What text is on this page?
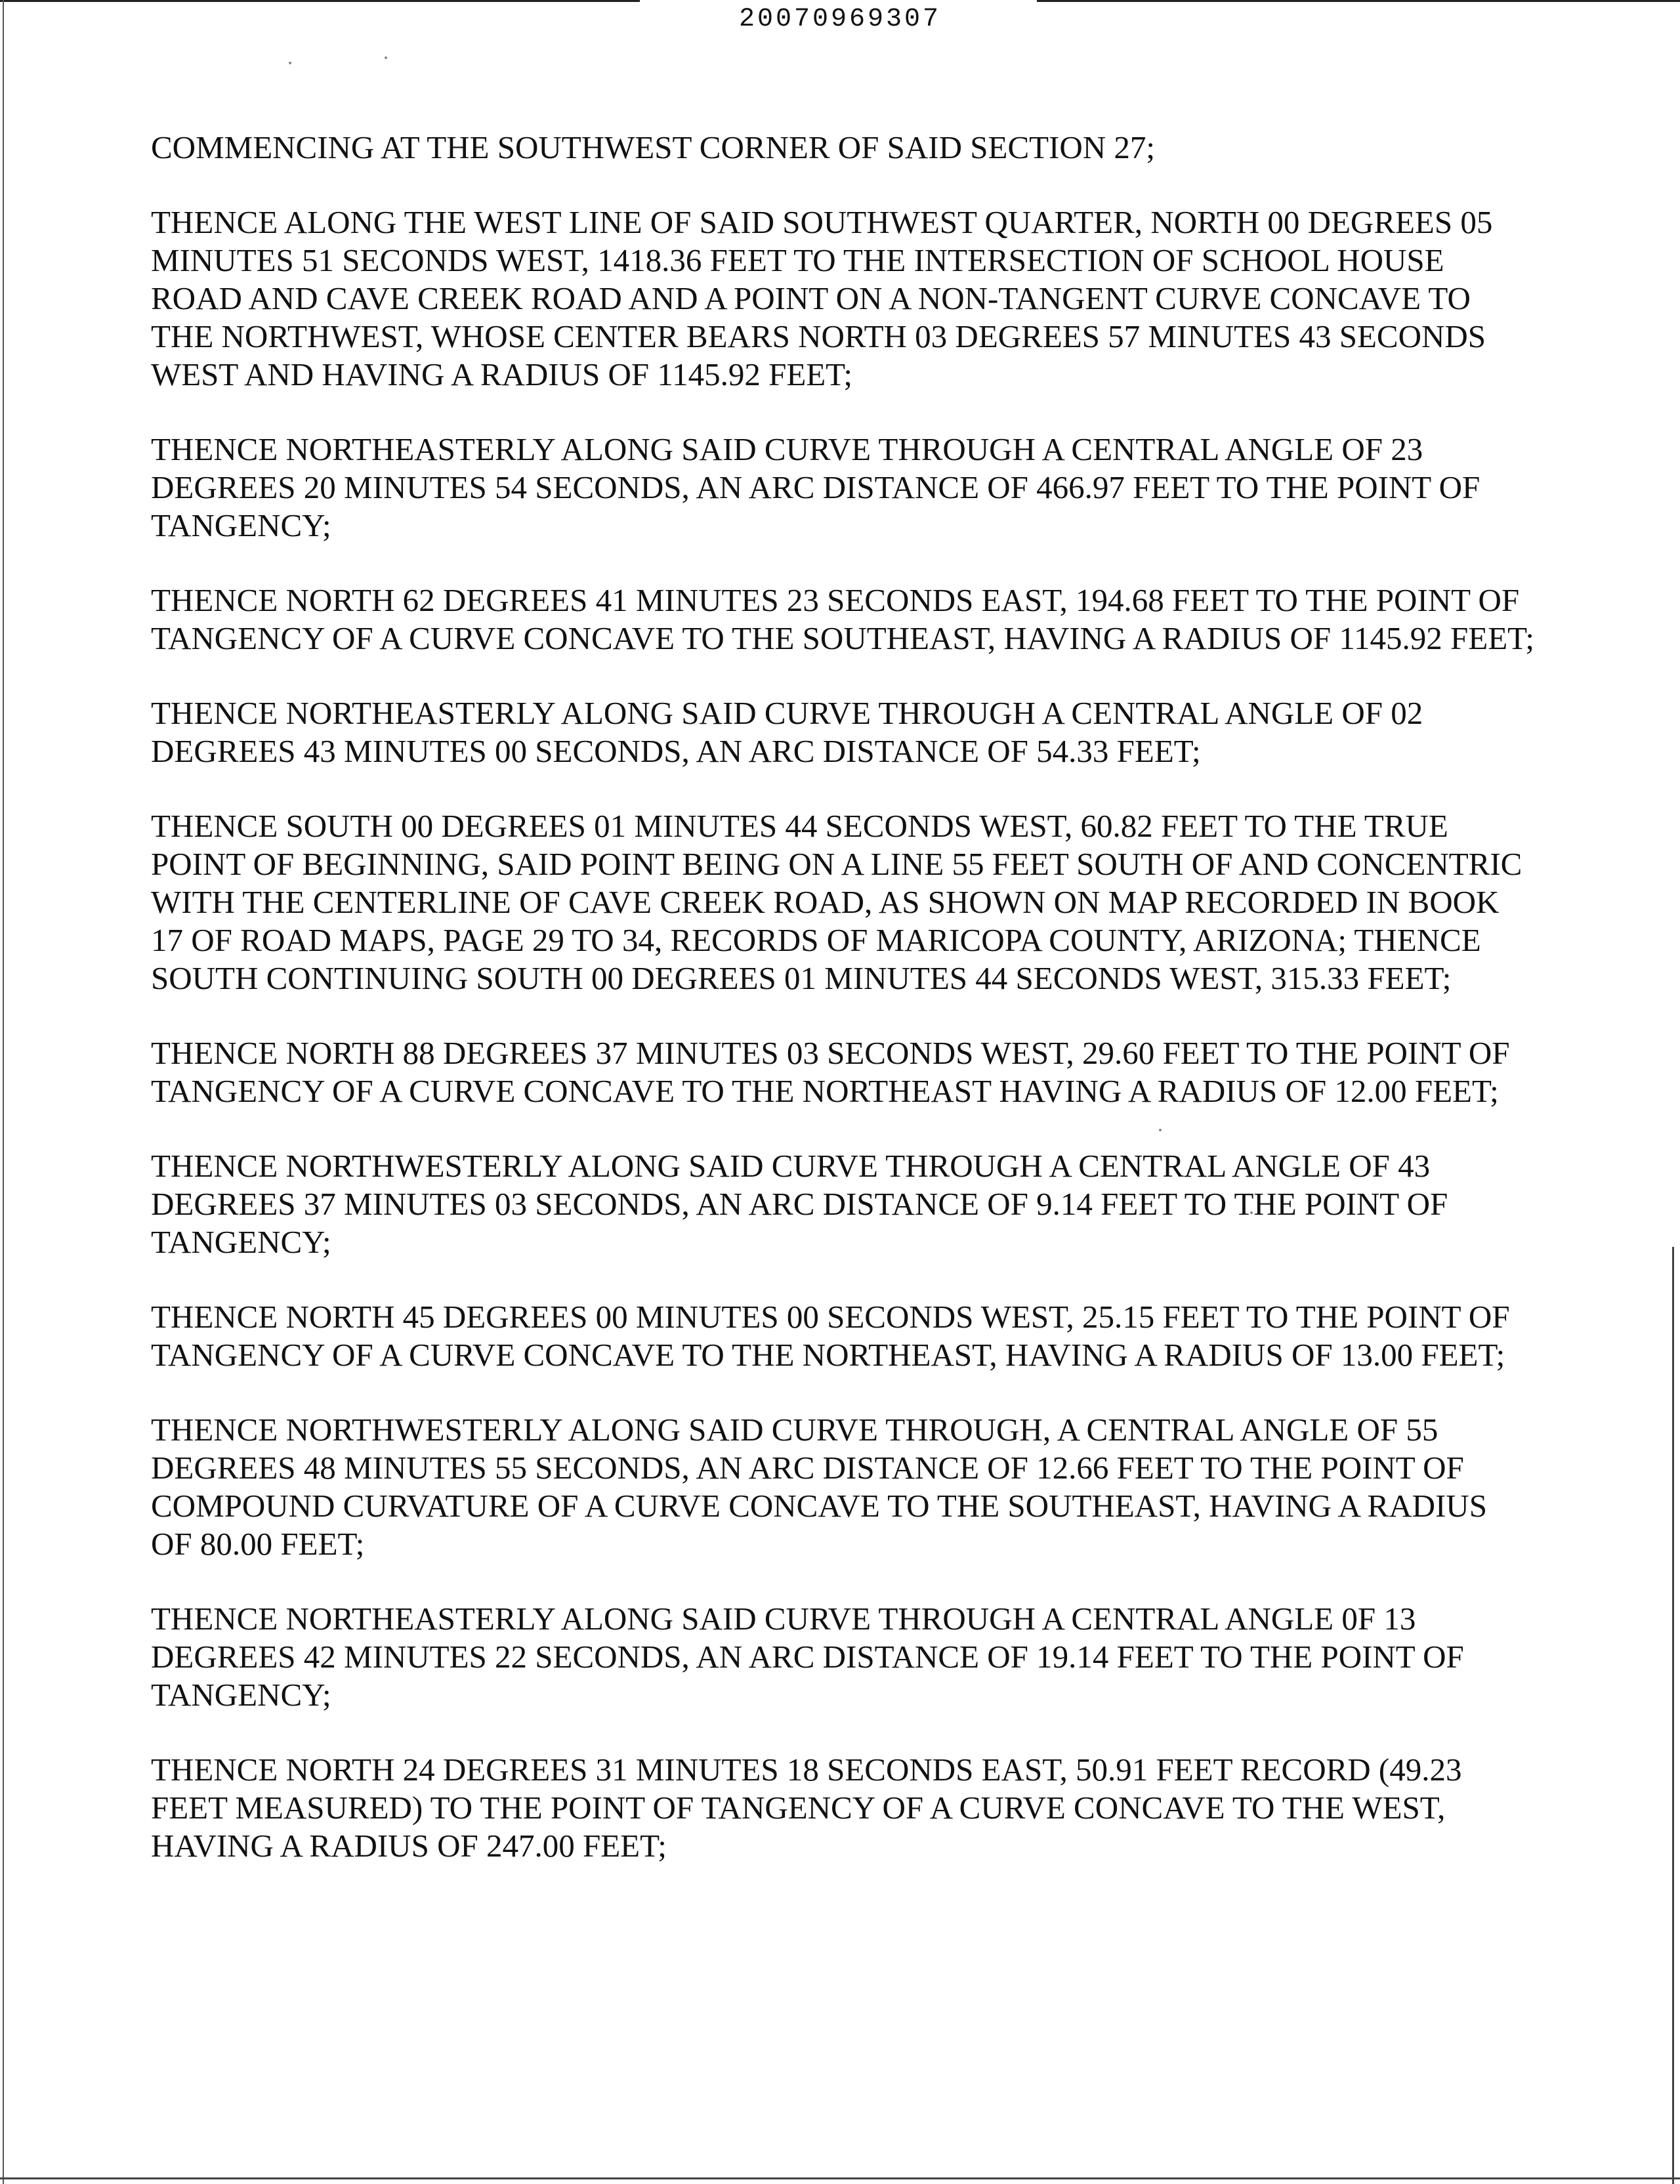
20070969307

COMMENCING AT THE SOUTHWEST CORNER OF SAID SECTION 27;

THENCE ALONG THE WEST LINE OF SAID SOUTHWEST QUARTER, NORTH 00 DEGREES 05 MINUTES 51 SECONDS WEST, 1418.36 FEET TO THE INTERSECTION OF SCHOOL HOUSE ROAD AND CAVE CREEK ROAD AND A POINT ON A NON-TANGENT CURVE CONCAVE TO THE NORTHWEST, WHOSE CENTER BEARS NORTH 03 DEGREES 57 MINUTES 43 SECONDS WEST AND HAVING A RADIUS OF 1145.92 FEET;

THENCE NORTHEASTERLY ALONG SAID CURVE THROUGH A CENTRAL ANGLE OF 23 DEGREES 20 MINUTES 54 SECONDS, AN ARC DISTANCE OF 466.97 FEET TO THE POINT OF TANGENCY;

THENCE NORTH 62 DEGREES 41 MINUTES 23 SECONDS EAST, 194.68 FEET TO THE POINT OF TANGENCY OF A CURVE CONCAVE TO THE SOUTHEAST, HAVING A RADIUS OF 1145.92 FEET;

THENCE NORTHEASTERLY ALONG SAID CURVE THROUGH A CENTRAL ANGLE OF 02 DEGREES 43 MINUTES 00 SECONDS, AN ARC DISTANCE OF 54.33 FEET;

THENCE SOUTH 00 DEGREES 01 MINUTES 44 SECONDS WEST, 60.82 FEET TO THE TRUE POINT OF BEGINNING, SAID POINT BEING ON A LINE 55 FEET SOUTH OF AND CONCENTRIC WITH THE CENTERLINE OF CAVE CREEK ROAD, AS SHOWN ON MAP RECORDED IN BOOK 17 OF ROAD MAPS, PAGE 29 TO 34, RECORDS OF MARICOPA COUNTY, ARIZONA; THENCE SOUTH CONTINUING SOUTH 00 DEGREES 01 MINUTES 44 SECONDS WEST, 315.33 FEET;

THENCE NORTH 88 DEGREES 37 MINUTES 03 SECONDS WEST, 29.60 FEET TO THE POINT OF TANGENCY OF A CURVE CONCAVE TO THE NORTHEAST HAVING A RADIUS OF 12.00 FEET;

THENCE NORTHWESTERLY ALONG SAID CURVE THROUGH A CENTRAL ANGLE OF 43 DEGREES 37 MINUTES 03 SECONDS, AN ARC DISTANCE OF 9.14 FEET TO THE POINT OF TANGENCY;

THENCE NORTH 45 DEGREES 00 MINUTES 00 SECONDS WEST, 25.15 FEET TO THE POINT OF TANGENCY OF A CURVE CONCAVE TO THE NORTHEAST, HAVING A RADIUS OF 13.00 FEET;

THENCE NORTHWESTERLY ALONG SAID CURVE THROUGH, A CENTRAL ANGLE OF 55 DEGREES 48 MINUTES 55 SECONDS, AN ARC DISTANCE OF 12.66 FEET TO THE POINT OF COMPOUND CURVATURE OF A CURVE CONCAVE TO THE SOUTHEAST, HAVING A RADIUS OF 80.00 FEET;

THENCE NORTHEASTERLY ALONG SAID CURVE THROUGH A CENTRAL ANGLE 0F 13 DEGREES 42 MINUTES 22 SECONDS, AN ARC DISTANCE OF 19.14 FEET TO THE POINT OF TANGENCY;

THENCE NORTH 24 DEGREES 31 MINUTES 18 SECONDS EAST, 50.91 FEET RECORD (49.23 FEET MEASURED) TO THE POINT OF TANGENCY OF A CURVE CONCAVE TO THE WEST, HAVING A RADIUS OF 247.00 FEET;
